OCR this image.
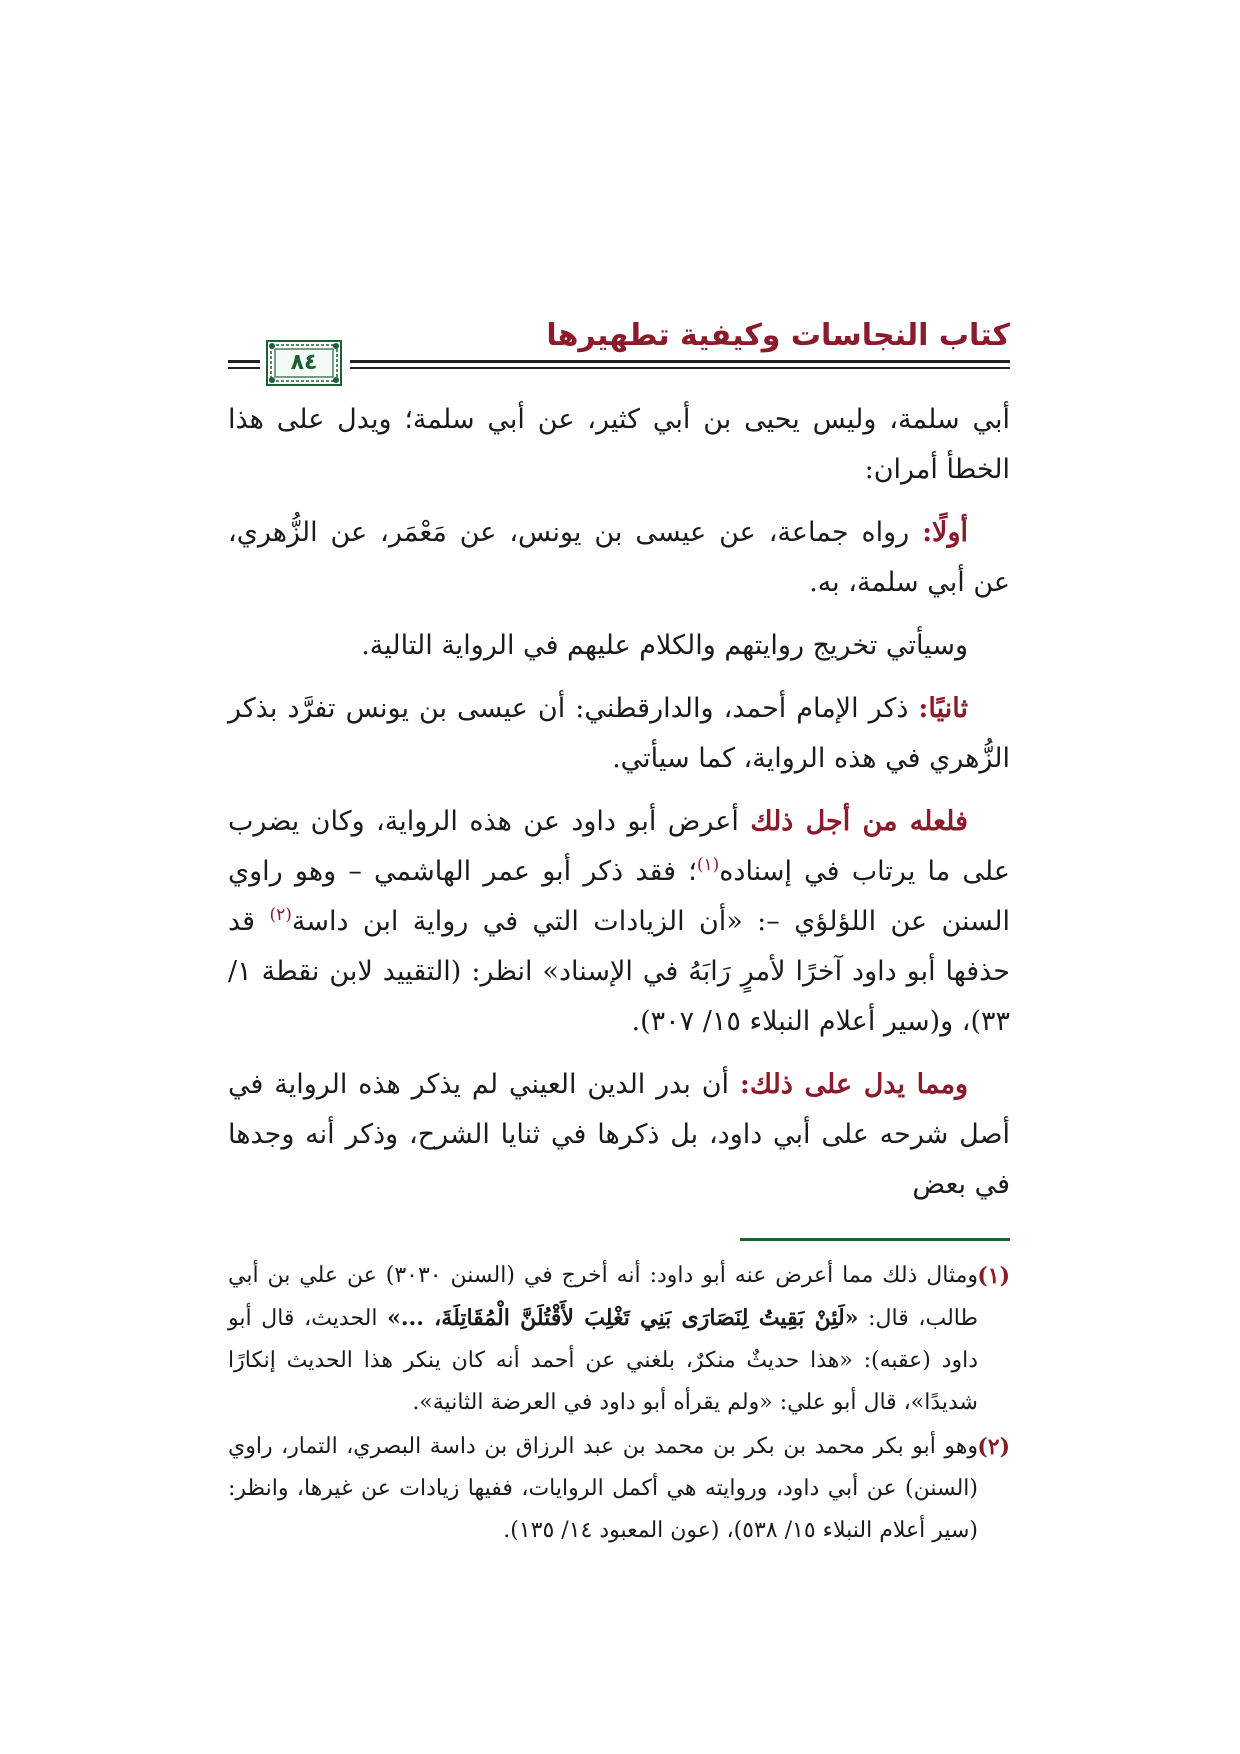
كتاب النجاسات وكيفية تطهيرها
٨٤

أبي سلمة، وليس يحيى بن أبي كثير، عن أبي سلمة؛ ويدل على هذا الخطأ أمران:

أولًا: رواه جماعة، عن عيسى بن يونس، عن مَعْمَر، عن الزُّهري، عن أبي سلمة، به.

وسيأتي تخريج روايتهم والكلام عليهم في الرواية التالية.

ثانيًا: ذكر الإمام أحمد، والدارقطني: أن عيسى بن يونس تفرَّد بذكر الزُّهري في هذه الرواية، كما سيأتي.

فلعله من أجل ذلك أعرض أبو داود عن هذه الرواية، وكان يضرب على ما يرتاب في إسناده$^{(١)}$؛ فقد ذكر أبو عمر الهاشمي – وهو راوي السنن عن اللؤلؤي –: «أن الزيادات التي في رواية ابن داسة$^{(٢)}$ قد حذفها أبو داود آخرًا لأمرٍ رَابَهُ في الإسناد» انظر: (التقييد لابن نقطة ١/ ٣٣)، و(سير أعلام النبلاء ١٥/ ٣٠٧).

ومما يدل على ذلك: أن بدر الدين العيني لم يذكر هذه الرواية في أصل شرحه على أبي داود، بل ذكرها في ثنايا الشرح، وذكر أنه وجدها في بعض

(١)
ومثال ذلك مما أعرض عنه أبو داود: أنه أخرج في (السنن ٣٠٣٠) عن علي بن أبي طالب، قال: «لَئِنْ بَقِيتُ لِنَصَارَى بَنِي تَغْلِبَ لأَقْتُلَنَّ الْمُقَاتِلَةَ، ...» الحديث، قال أبو داود (عقبه): «هذا حديثٌ منكرٌ، بلغني عن أحمد أنه كان ينكر هذا الحديث إنكارًا شديدًا»، قال أبو علي: «ولم يقرأه أبو داود في العرضة الثانية».
(٢)
وهو أبو بكر محمد بن بكر بن محمد بن عبد الرزاق بن داسة البصري، التمار، راوي (السنن) عن أبي داود، وروايته هي أكمل الروايات، ففيها زيادات عن غيرها، وانظر: (سير أعلام النبلاء ١٥/ ٥٣٨)، (عون المعبود ١٤/ ١٣٥).
